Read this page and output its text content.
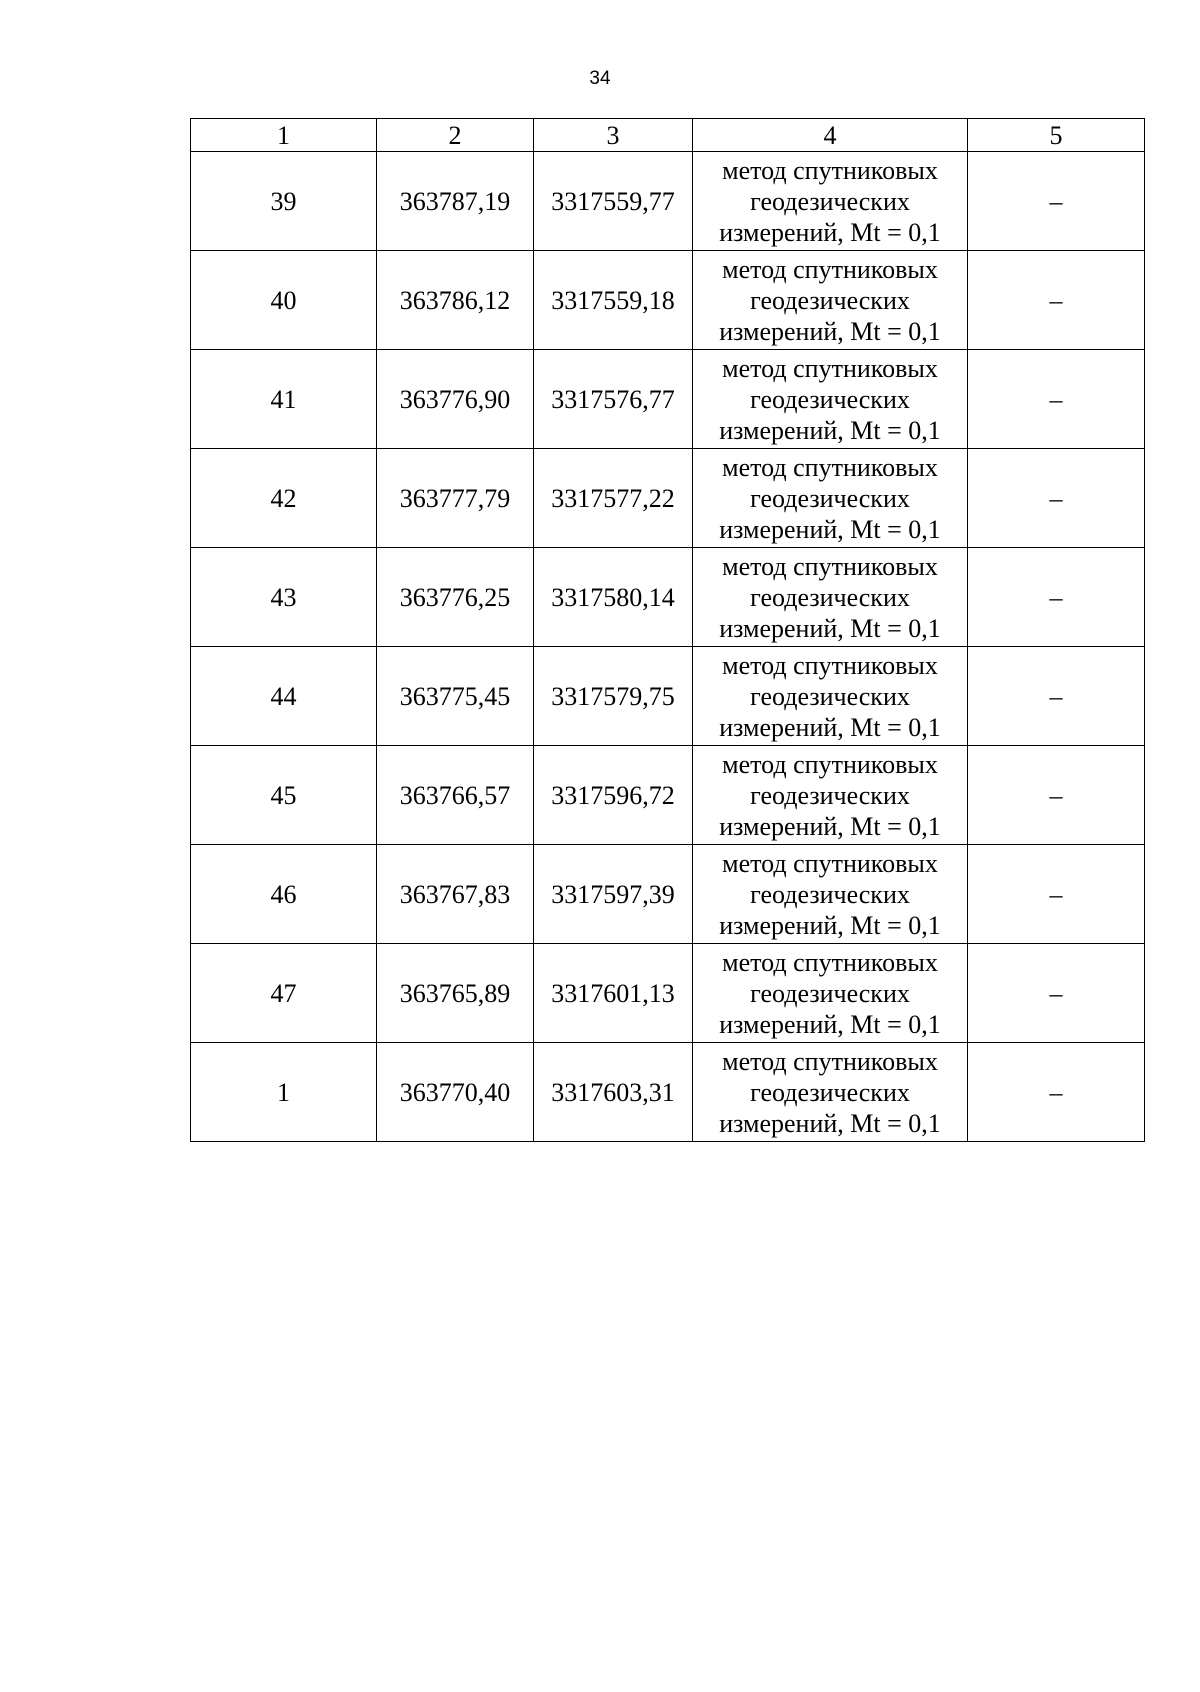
34
1	2	3	4	5
39	363787,19	3317559,77	метод спутниковых
геодезических
измерений, Mt = 0,1	–
40	363786,12	3317559,18	метод спутниковых
геодезических
измерений, Mt = 0,1	–
41	363776,90	3317576,77	метод спутниковых
геодезических
измерений, Mt = 0,1	–
42	363777,79	3317577,22	метод спутниковых
геодезических
измерений, Mt = 0,1	–
43	363776,25	3317580,14	метод спутниковых
геодезических
измерений, Mt = 0,1	–
44	363775,45	3317579,75	метод спутниковых
геодезических
измерений, Mt = 0,1	–
45	363766,57	3317596,72	метод спутниковых
геодезических
измерений, Mt = 0,1	–
46	363767,83	3317597,39	метод спутниковых
геодезических
измерений, Mt = 0,1	–
47	363765,89	3317601,13	метод спутниковых
геодезических
измерений, Mt = 0,1	–
1	363770,40	3317603,31	метод спутниковых
геодезических
измерений, Mt = 0,1	–
